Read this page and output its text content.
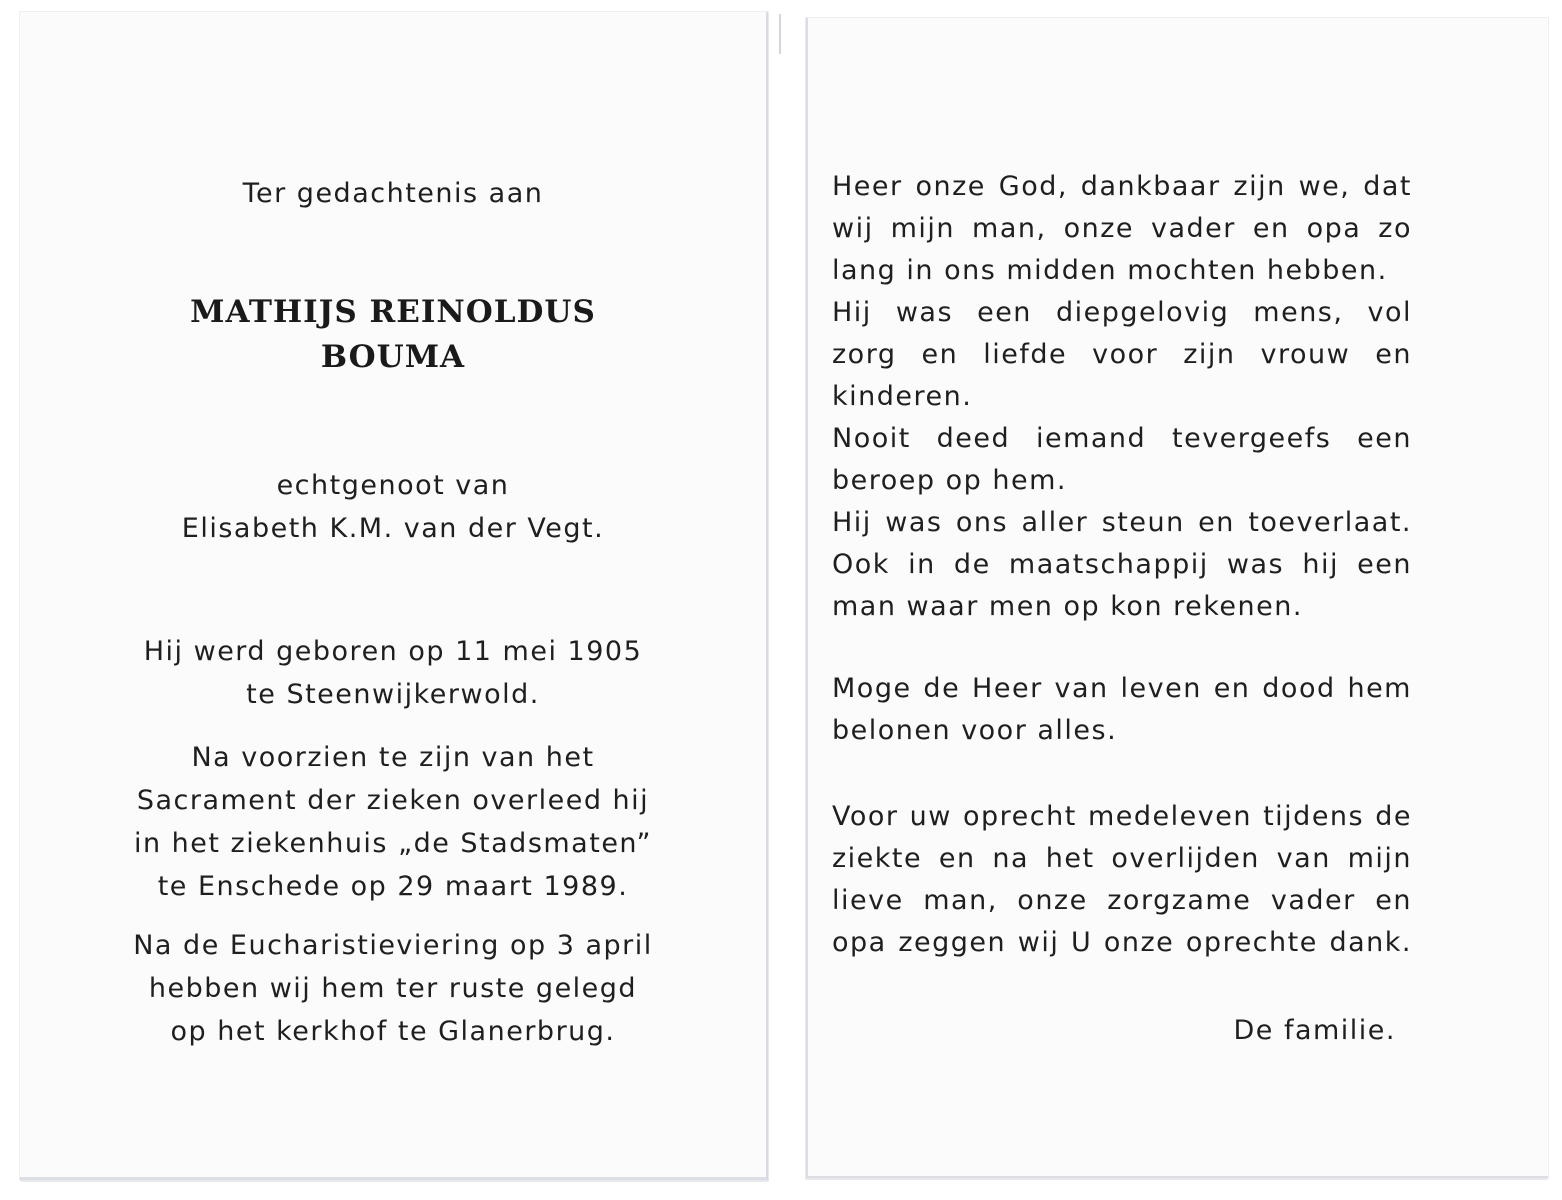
Ter gedachtenis aan

MATHIJS REINOLDUS
BOUMA

echtgenoot van
Elisabeth K.M. van der Vegt.

Hij werd geboren op 11 mei 1905
te Steenwijkerwold.

Na voorzien te zijn van het
Sacrament der zieken overleed hij
in het ziekenhuis „de Stadsmaten”
te Enschede op 29 maart 1989.

Na de Eucharistieviering op 3 april
hebben wij hem ter ruste gelegd
op het kerkhof te Glanerbrug.

Heer onze God, dankbaar zijn we, dat
wij mijn man, onze vader en opa zo
lang in ons midden mochten hebben.
Hij was een diepgelovig mens, vol
zorg en liefde voor zijn vrouw en
kinderen.
Nooit deed iemand tevergeefs een
beroep op hem.
Hij was ons aller steun en toeverlaat.
Ook in de maatschappij was hij een
man waar men op kon rekenen.

Moge de Heer van leven en dood hem
belonen voor alles.

Voor uw oprecht medeleven tijdens de
ziekte en na het overlijden van mijn
lieve man, onze zorgzame vader en
opa zeggen wij U onze oprechte dank.

De familie.
